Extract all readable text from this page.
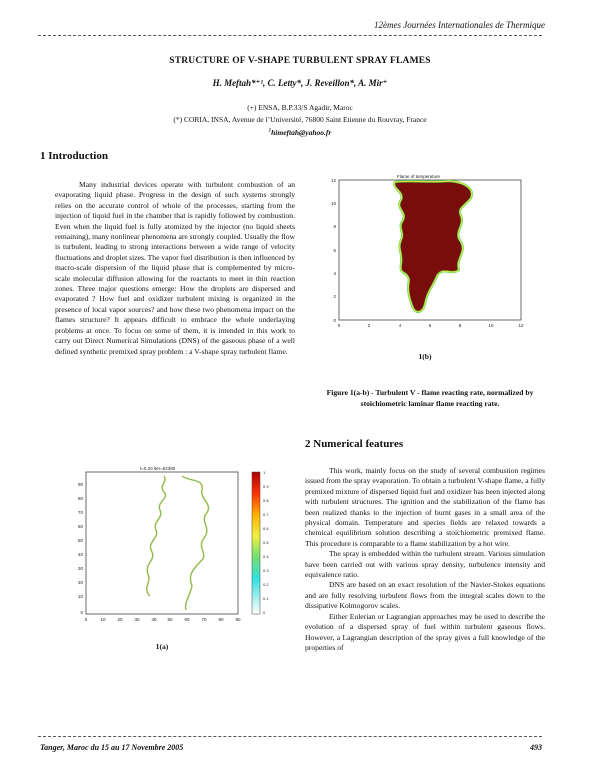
12èmes Journées Internationales de Thermique
STRUCTURE OF V-SHAPE TURBULENT SPRAY FLAMES
H. Meftah*⁺¹, C. Letty*, J. Reveillon*, A. Mir⁺
(+) ENSA, B.P.33/S Agadir, Maroc
(*) CORIA, INSA, Avenue de l’Université, 76800 Saint Etienne du Rouvray, France
$^1$himeftah@yahoo.fr
1 Introduction
Many industrial devices operate with turbulent combustion of an evaporating liquid phase. Progress in the design of such systems strongly relies on the accurate control of whole of the processes, starting from the injection of liquid fuel in the chamber that is rapidly followed by combustion. Even when the liquid fuel is fully atomized by the injector (no liquid sheets remaining), many nonlinear phenomena are strongly coupled. Usually the flow is turbulent, leading to strong interactions between a wide range of velocity fluctuations and droplet sizes. The vapor fuel distribution is then influenced by macro-scale dispersion of the liquid phase that is complemented by micro-scale molecular diffusion allowing for the reactants to meet in thin reaction zones. Three major questions emerge: How the droplets are dispersed and evaporated ? How fuel and oxidizer turbulent mixing is organized in the presence of local vapor sources? and how these two phenomena impact on the flames structure? It appears difficult to embrace the whole underlaying problems at once. To focus on some of them, it is intended in this work to carry out Direct Numerical Simulations (DNS) of the gaseous phase of a well defined synthetic premixed spray problem : a V-shape spray turbulent flame.
Flame of temperature
0	2	4	6	8	10	12
12
10
8
6
4
2
0
1(b)
Figure 1(a-b) - Turbulent V - flame reacting rate, normalized by stoichiometric laminar flame reacting rate.
2 Numerical features

This work, mainly focus on the study of several combustion regimes issued from the spray evaporation. To obtain a turbulent V-shape flame, a fully premixed mixture of dispersed liquid fuel and oxidizer has been injected along with turbulent structures. The ignition and the stabilization of the flame has been realized thanks to the injection of burnt gases in a small area of the physical domain. Temperature and species fields are relaxed towards a chemical equilibrium solution describing a stoichiometric premixed flame. This procedure is comparable to a flame stabilization by a hot wire.

The spray is embedded within the turbulent stream. Various simulation have been carried out with various spray density, turbulence intensity and equivalence ratio.

DNS are based on an exact resolution of the Navier-Stokes equations and are fully resolving turbulent flows from the integral scales down to the dissipative Kolmogorov scales.

Either Eulerian or Lagrangian approaches may be used to describe the evolution of a dispersed spray of fuel within turbulent gaseous flows. However, a Lagrangian description of the spray gives a full knowledge of the properties of

t=0.20 iter=62380
1
0.9
0.8
0.7
0.6
0.5
0.4
0.3
0.2
0.1
0
0	10	20	30	40 50	60	70	80	90
90
80
70
60
50
40
30
20
10
0
1(a)
Tanger, Maroc du 15 au 17 Novembre 2005	493
